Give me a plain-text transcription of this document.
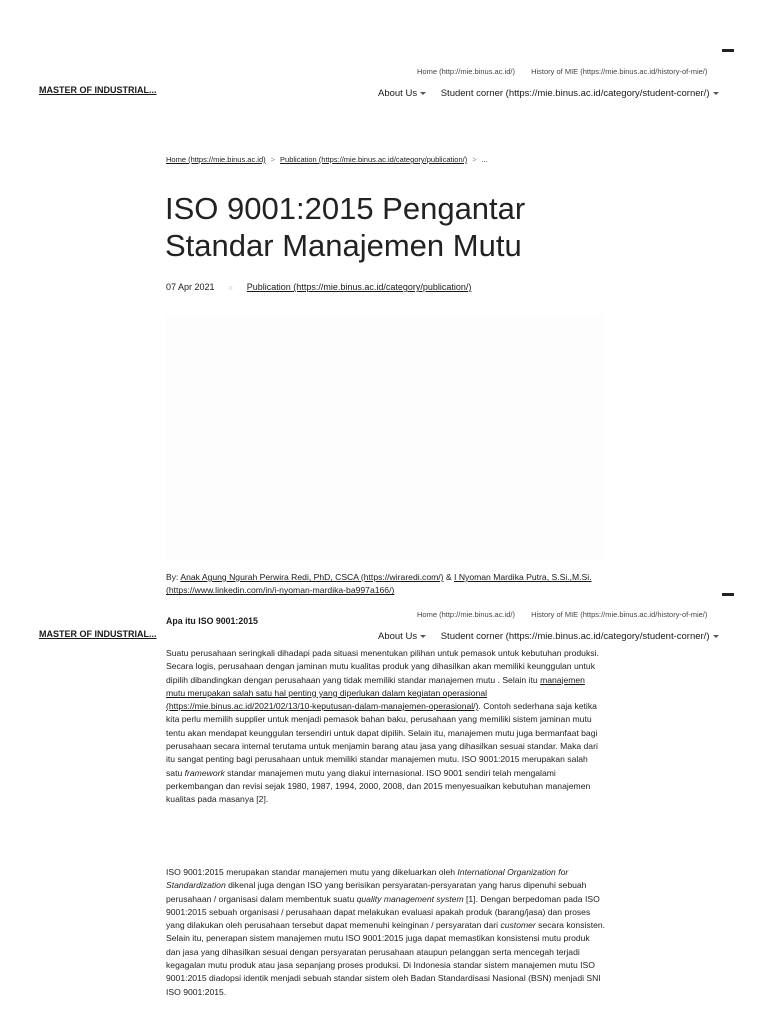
Home (http://mie.binus.ac.id/) History of MIE (https://mie.binus.ac.id/history-of-mie/)
MASTER OF INDUSTRIAL...	About Us Student corner (https://mie.binus.ac.id/category/student-corner/)
Home (https://mie.binus.ac.id) > Publication (https://mie.binus.ac.id/category/publication/) > ...
ISO 9001:2015 Pengantar Standar Manajemen Mutu
07 Apr 2021 ○ Publication (https://mie.binus.ac.id/category/publication/)
By: Anak Agung Ngurah Perwira Redi, PhD, CSCA (https://wiraredi.com/) & I Nyoman Mardika Putra, S.Si.,M.Si. (https://www.linkedin.com/in/i-nyoman-mardika-ba997a166/)
Apa itu ISO 9001:2015

Suatu perusahaan seringkali dihadapi pada situasi menentukan pilihan untuk pemasok untuk kebutuhan produksi. Secara logis, perusahaan dengan jaminan mutu kualitas produk yang dihasilkan akan memiliki keunggulan untuk dipilih dibandingkan dengan perusahaan yang tidak memiliki standar manajemen mutu . Selain itu manajemen mutu merupakan salah satu hal penting yang diperlukan dalam kegiatan operasional (https://mie.binus.ac.id/2021/02/13/10-keputusan-dalam-manajemen-operasional/). Contoh sederhana saja ketika kita perlu memilih supplier untuk menjadi pemasok bahan baku, perusahaan yang memiliki sistem jaminan mutu tentu akan mendapat keunggulan tersendiri untuk dapat dipilih. Selain itu, manajemen mutu juga bermanfaat bagi perusahaan secara internal terutama untuk menjamin barang atau jasa yang dihasilkan sesuai standar. Maka dari itu sangat penting bagi perusahaan untuk memiliki standar manajemen mutu. ISO 9001:2015 merupakan salah satu framework standar manajemen mutu yang diakui internasional. ISO 9001 sendiri telah mengalami perkembangan dan revisi sejak 1980, 1987, 1994, 2000, 2008, dan 2015 menyesuaikan kebutuhan manajemen kualitas pada masanya [2].

ISO 9001:2015 merupakan standar manajemen mutu yang dikeluarkan oleh International Organization for Standardization dikenal juga dengan ISO yang berisikan persyaratan-persyaratan yang harus dipenuhi sebuah perusahaan / organisasi dalam membentuk suatu quality management system [1]. Dengan berpedoman pada ISO 9001:2015 sebuah organisasi / perusahaan dapat melakukan evaluasi apakah produk (barang/jasa) dan proses yang dilakukan oleh perusahaan tersebut dapat memenuhi keinginan / persyaratan dari customer secara konsisten. Selain itu, penerapan sistem manajemen mutu ISO 9001:2015 juga dapat memastikan konsistensi mutu produk dan jasa yang dihasilkan sesuai dengan persyaratan perusahaan ataupun pelanggan serta mencegah terjadi kegagalan mutu produk atau jasa sepanjang proses produksi. Di Indonesia standar sistem manajemen mutu ISO 9001:2015 diadopsi identik menjadi sebuah standar sistem oleh Badan Standardisasi Nasional (BSN) menjadi SNI ISO 9001:2015.

Home (http://mie.binus.ac.id/) History of MIE (https://mie.binus.ac.id/history-of-mie/)
MASTER OF INDUSTRIAL...	About Us Student corner (https://mie.binus.ac.id/category/student-corner/)
